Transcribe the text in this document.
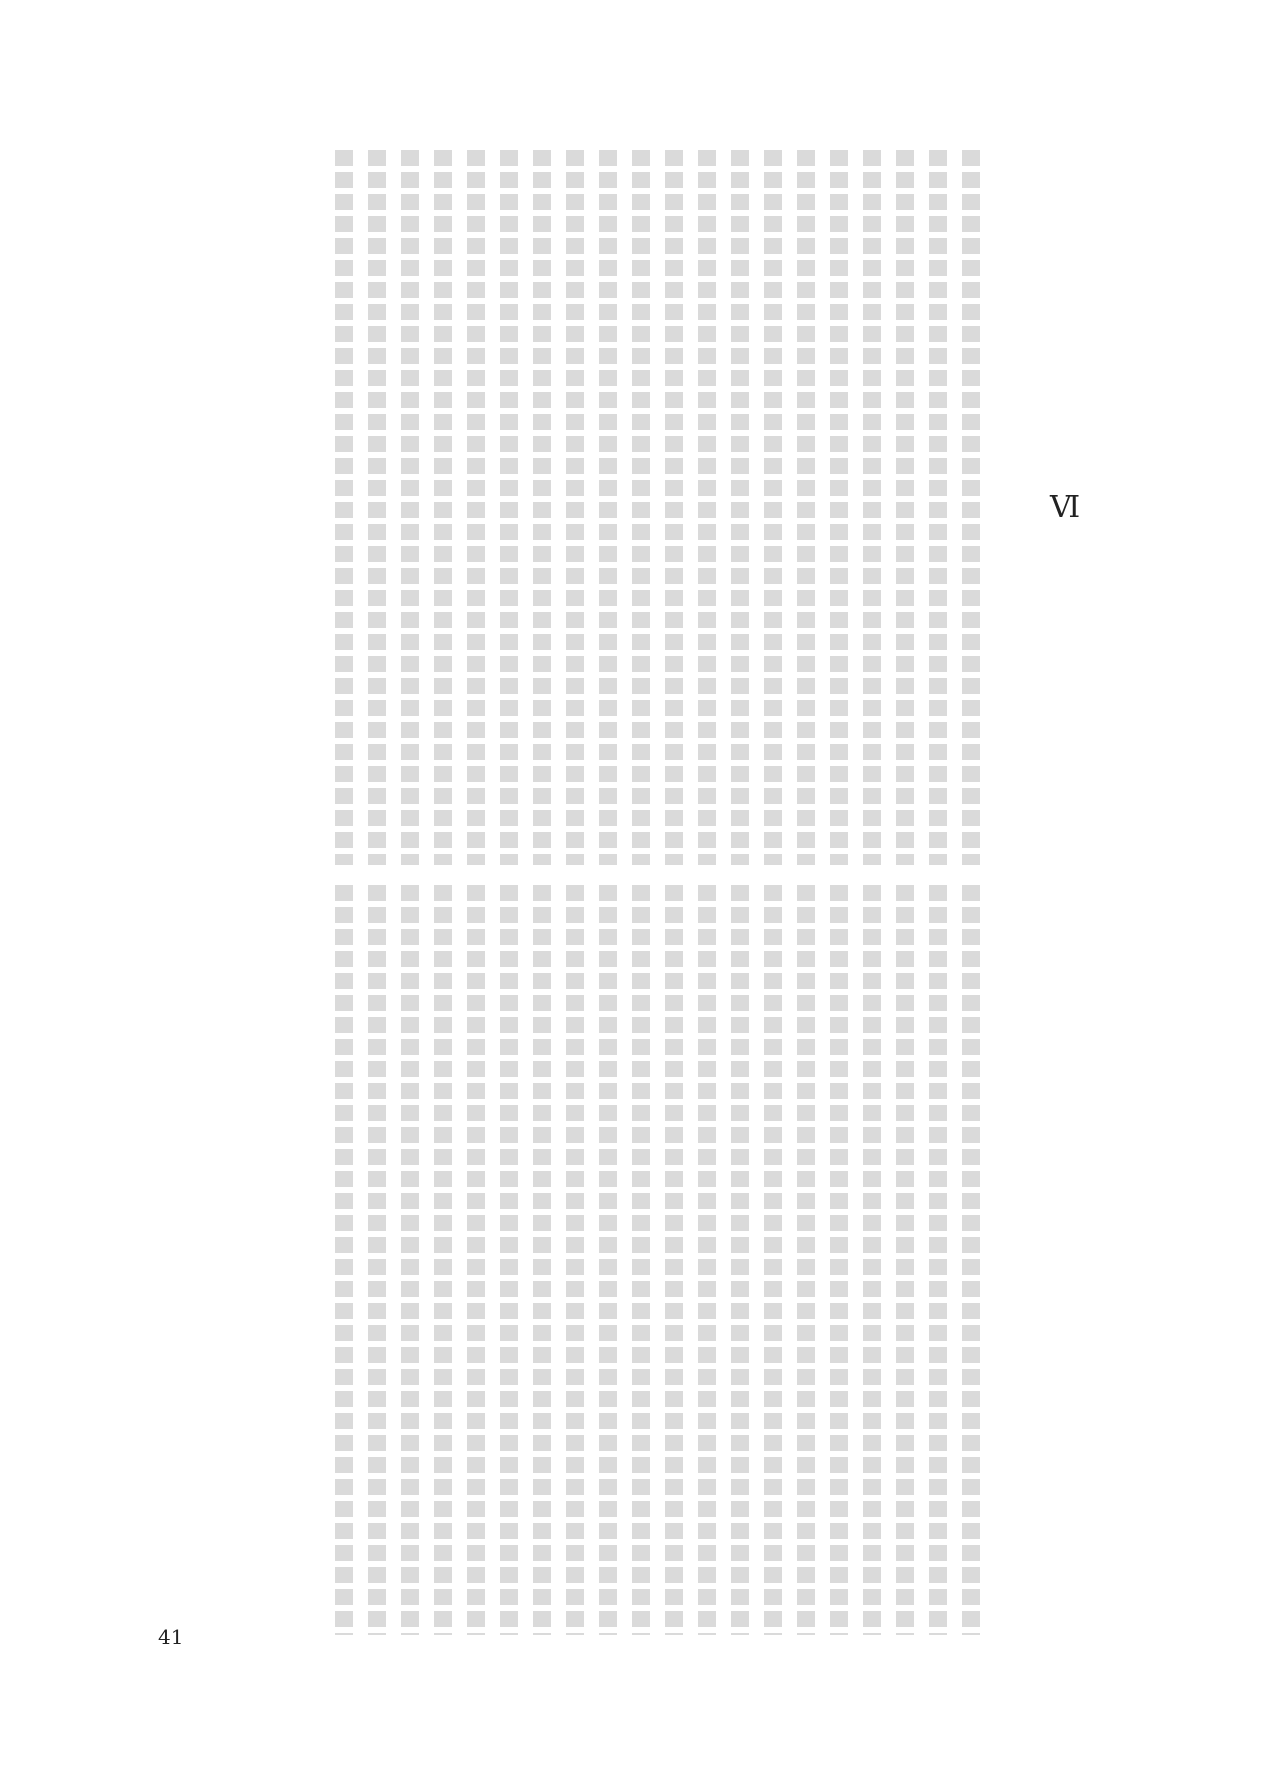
Ⅵ
41
